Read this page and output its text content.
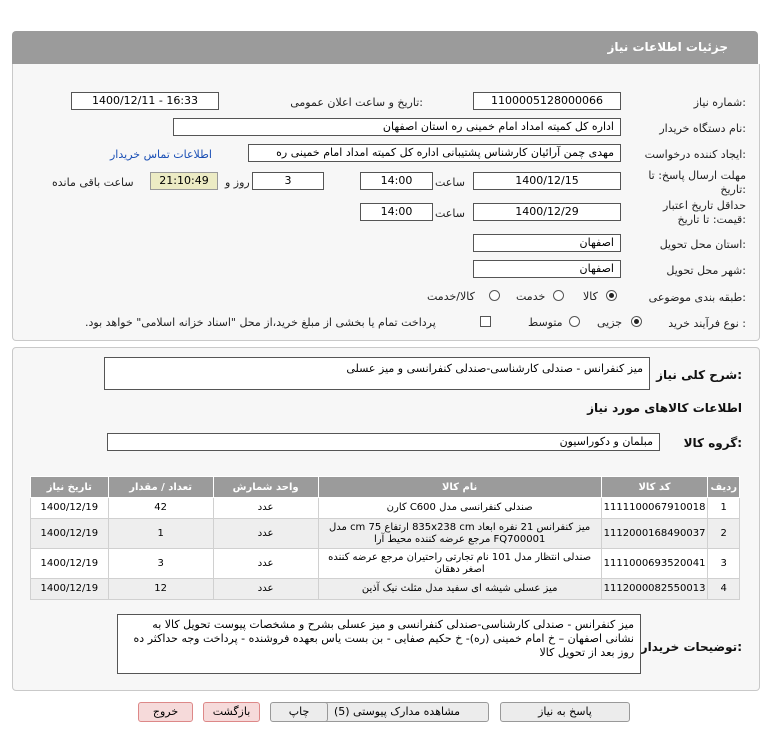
جزئیات اطلاعات نیاز
شماره نیاز:
1100005128000066
تاریخ و ساعت اعلان عمومی:
1400/12/11 - 16:33
نام دستگاه خریدار:
اداره کل کمیته امداد امام خمینی ره استان اصفهان
ایجاد کننده درخواست:
مهدی چمن آرائیان کارشناس پشتیبانی اداره کل کمیته امداد امام خمینی ره
اطلاعات تماس خریدار
مهلت ارسال پاسخ: تا
تاریخ:
1400/12/15
ساعت
14:00
3
روز و
21:10:49
ساعت باقی مانده
حداقل تاریخ اعتبار
قیمت: تا تاریخ:
1400/12/29
ساعت
14:00
استان محل تحویل:
اصفهان
شهر محل تحویل:
اصفهان
طبقه بندی موضوعی:
کالا
خدمت
کالا/خدمت
نوع فرآیند خرید :
جزیی
متوسط
پرداخت تمام یا بخشی از مبلغ خرید،از محل "اسناد خزانه اسلامی" خواهد بود.
شرح کلی نیاز:
میز کنفرانس - صندلی کارشناسی-صندلی کنفرانسی و میز عسلی
اطلاعات کالاهای مورد نیاز
گروه کالا:
مبلمان و دکوراسیون
ردیف	کد کالا	نام کالا	واحد شمارش	تعداد / مقدار	تاریخ نیاز
1	1111100067910018	صندلی کنفرانسی مدل C600 کارن	عدد	42	1400/12/19
2	1112000168490037	میز کنفرانس 21 نفره ابعاد 835x238 cm ارتفاع 75 cm مدل FQ700001 مرجع عرضه کننده محیط آرا	عدد	1	1400/12/19
3	1111000693520041	صندلی انتظار مدل 101 نام تجارتی راحتیران مرجع عرضه کننده اصغر دهقان	عدد	3	1400/12/19
4	1112000082550013	میز عسلی شیشه ای سفید مدل مثلث نیک آذین	عدد	12	1400/12/19
توضیحات خریدار:
میز کنفرانس - صندلی کارشناسی-صندلی کنفرانسی و میز عسلی بشرح و مشخصات پیوست تحویل کالا به نشانی اصفهان – خ امام خمینی (ره)- خ حکیم صفایی - بن بست یاس بعهده فروشنده - پرداخت وجه حداکثر ده روز بعد از تحویل کالا
پاسخ به نیاز
مشاهده مدارک پیوستی (5)
چاپ
بازگشت
خروج
